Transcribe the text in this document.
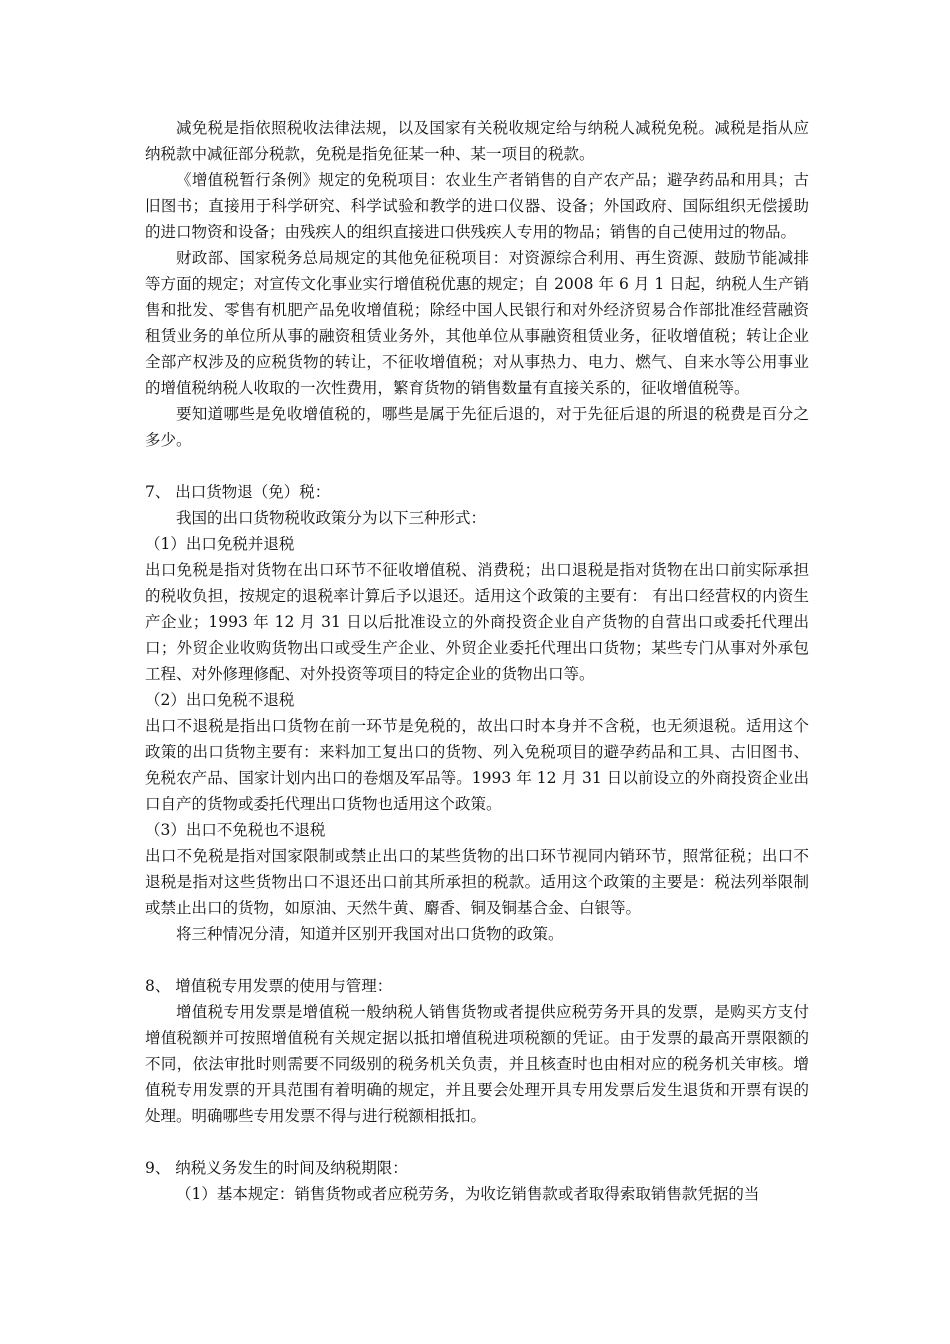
减免税是指依照税收法律法规，以及国家有关税收规定给与纳税人减税免税。减税是指从应纳税款中减征部分税款，免税是指免征某一种、某一项目的税款。

《增值税暂行条例》规定的免税项目：农业生产者销售的自产农产品；避孕药品和用具；古旧图书；直接用于科学研究、科学试验和教学的进口仪器、设备；外国政府、国际组织无偿援助的进口物资和设备；由残疾人的组织直接进口供残疾人专用的物品；销售的自己使用过的物品。

财政部、国家税务总局规定的其他免征税项目：对资源综合利用、再生资源、鼓励节能减排等方面的规定；对宣传文化事业实行增值税优惠的规定；自 2008 年 6 月 1 日起，纳税人生产销售和批发、零售有机肥产品免收增值税；除经中国人民银行和对外经济贸易合作部批准经营融资租赁业务的单位所从事的融资租赁业务外，其他单位从事融资租赁业务，征收增值税；转让企业全部产权涉及的应税货物的转让，不征收增值税；对从事热力、电力、燃气、自来水等公用事业的增值税纳税人收取的一次性费用，繁育货物的销售数量有直接关系的，征收增值税等。

要知道哪些是免收增值税的，哪些是属于先征后退的，对于先征后退的所退的税费是百分之多少。

7、 出口货物退（免）税：

我国的出口货物税收政策分为以下三种形式：

（1）出口免税并退税

出口免税是指对货物在出口环节不征收增值税、消费税；出口退税是指对货物在出口前实际承担的税收负担，按规定的退税率计算后予以退还。适用这个政策的主要有： 有出口经营权的内资生产企业；1993 年 12 月 31 日以后批准设立的外商投资企业自产货物的自营出口或委托代理出口；外贸企业收购货物出口或受生产企业、外贸企业委托代理出口货物；某些专门从事对外承包工程、对外修理修配、对外投资等项目的特定企业的货物出口等。

（2）出口免税不退税

出口不退税是指出口货物在前一环节是免税的，故出口时本身并不含税，也无须退税。适用这个政策的出口货物主要有：来料加工复出口的货物、列入免税项目的避孕药品和工具、古旧图书、免税农产品、国家计划内出口的卷烟及军品等。1993 年 12 月 31 日以前设立的外商投资企业出口自产的货物或委托代理出口货物也适用这个政策。

（3）出口不免税也不退税

出口不免税是指对国家限制或禁止出口的某些货物的出口环节视同内销环节，照常征税；出口不退税是指对这些货物出口不退还出口前其所承担的税款。适用这个政策的主要是：税法列举限制或禁止出口的货物，如原油、天然牛黄、麝香、铜及铜基合金、白银等。

将三种情况分清，知道并区别开我国对出口货物的政策。

8、 增值税专用发票的使用与管理：

增值税专用发票是增值税一般纳税人销售货物或者提供应税劳务开具的发票，是购买方支付增值税额并可按照增值税有关规定据以抵扣增值税进项税额的凭证。由于发票的最高开票限额的不同，依法审批时则需要不同级别的税务机关负责，并且核查时也由相对应的税务机关审核。增值税专用发票的开具范围有着明确的规定，并且要会处理开具专用发票后发生退货和开票有误的处理。明确哪些专用发票不得与进行税额相抵扣。

9、 纳税义务发生的时间及纳税期限：

（1）基本规定：销售货物或者应税劳务，为收讫销售款或者取得索取销售款凭据的当
